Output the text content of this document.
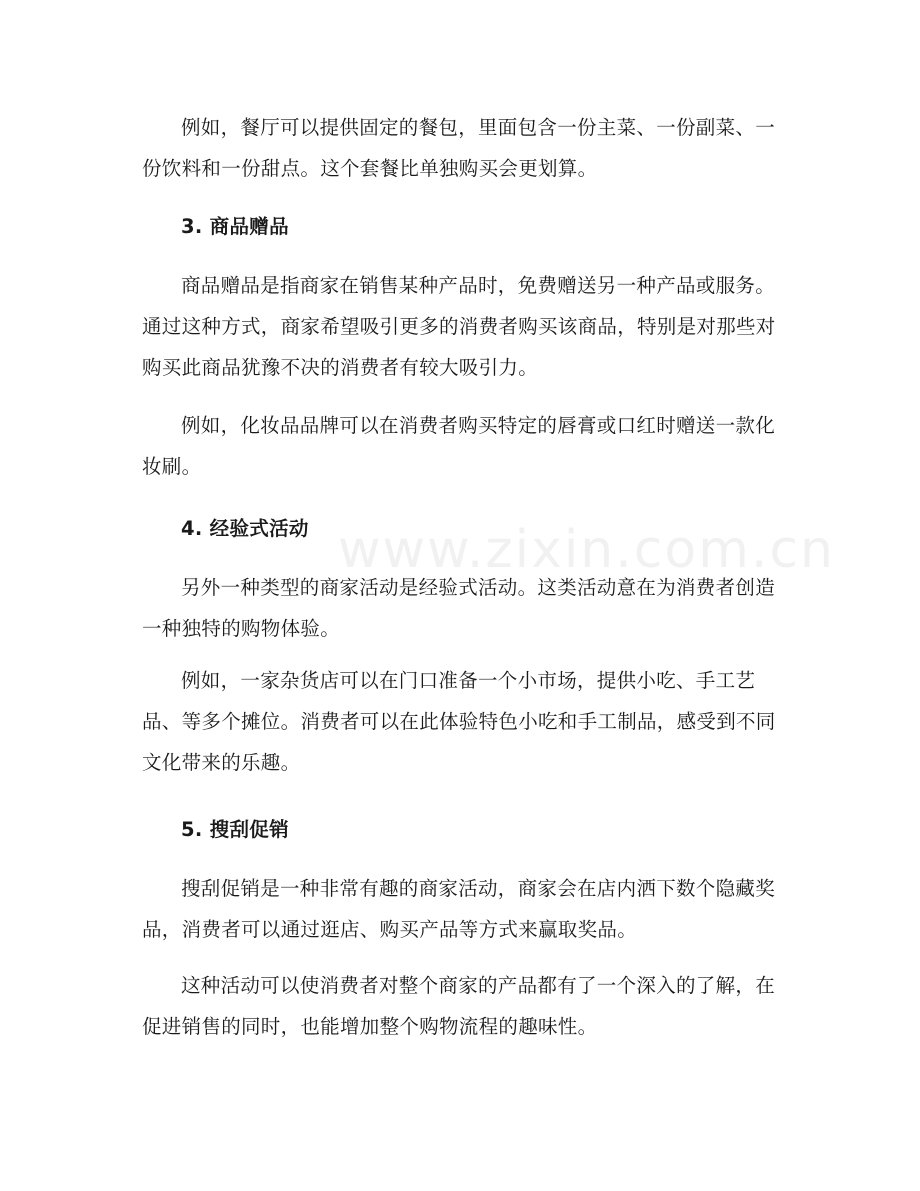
www.zixin.com.cn

例如，餐厅可以提供固定的餐包，里面包含一份主菜、一份副菜、一份饮料和一份甜点。这个套餐比单独购买会更划算。

3. 商品赠品

商品赠品是指商家在销售某种产品时，免费赠送另一种产品或服务。通过这种方式，商家希望吸引更多的消费者购买该商品，特别是对那些对购买此商品犹豫不决的消费者有较大吸引力。

例如，化妆品品牌可以在消费者购买特定的唇膏或口红时赠送一款化妆刷。

4. 经验式活动

另外一种类型的商家活动是经验式活动。这类活动意在为消费者创造一种独特的购物体验。

例如，一家杂货店可以在门口准备一个小市场，提供小吃、手工艺品、等多个摊位。消费者可以在此体验特色小吃和手工制品，感受到不同文化带来的乐趣。

5. 搜刮促销

搜刮促销是一种非常有趣的商家活动，商家会在店内洒下数个隐藏奖品，消费者可以通过逛店、购买产品等方式来赢取奖品。

这种活动可以使消费者对整个商家的产品都有了一个深入的了解，在促进销售的同时，也能增加整个购物流程的趣味性。
